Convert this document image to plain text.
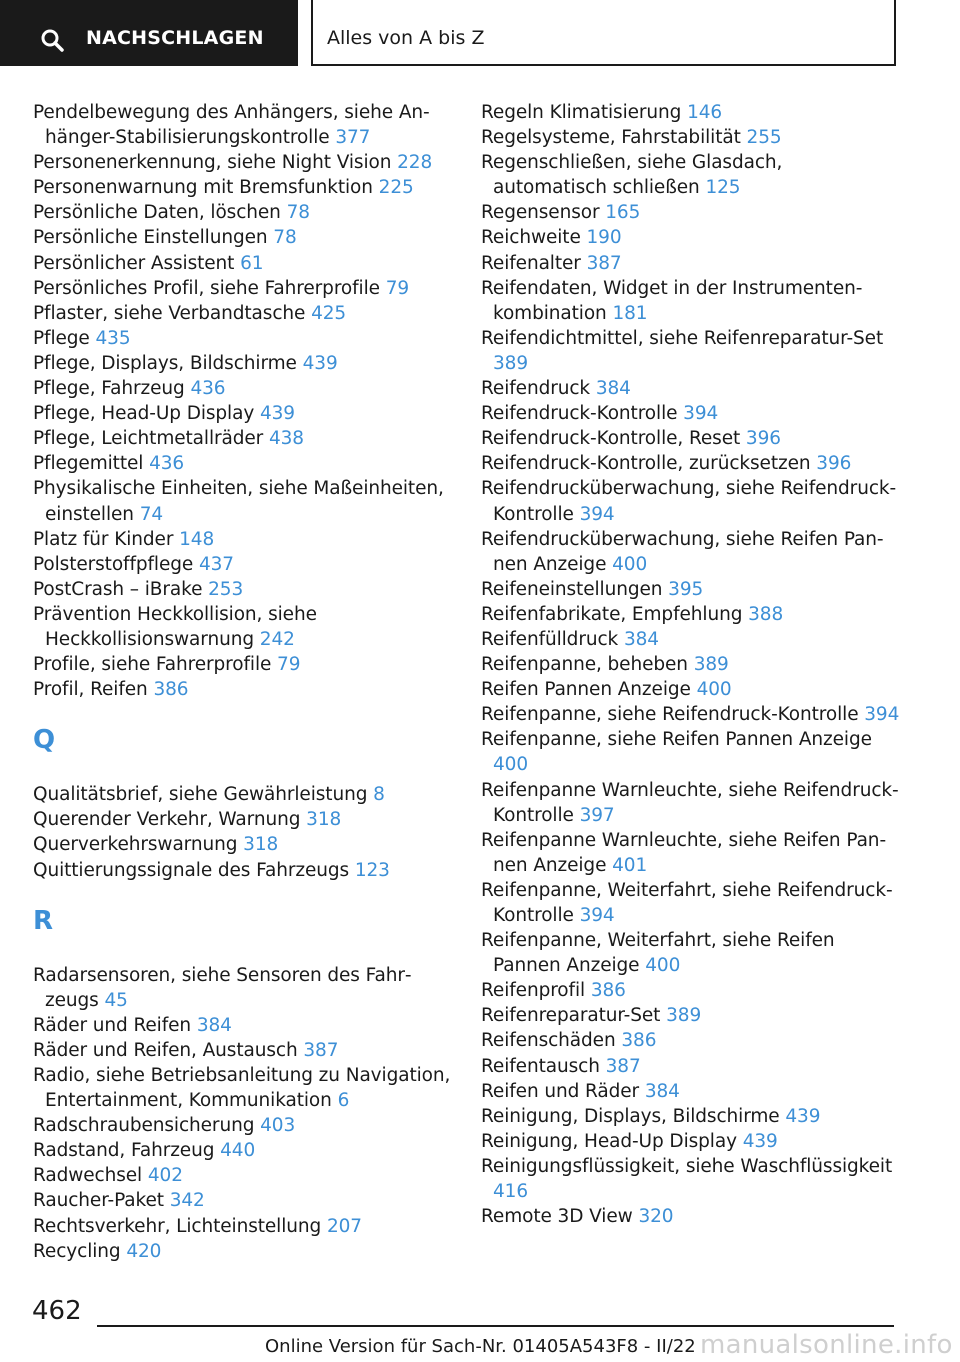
NACHSCHLAGEN	Alles von A bis Z
Pendelbewegung des Anhängers, siehe Anhänger-Stabilisierungskontrolle 377
Personenerkennung, siehe Night Vision 228
Personenwarnung mit Bremsfunktion 225
Persönliche Daten, löschen 78
Persönliche Einstellungen 78
Persönlicher Assistent 61
Persönliches Profil, siehe Fahrerprofile 79
Pflaster, siehe Verbandtasche 425
Pflege 435
Pflege, Displays, Bildschirme 439
Pflege, Fahrzeug 436
Pflege, Head-Up Display 439
Pflege, Leichtmetallräder 438
Pflegemittel 436
Physikalische Einheiten, siehe Maßeinheiten, einstellen 74
Platz für Kinder 148
Polsterstoffpflege 437
PostCrash – iBrake 253
Prävention Heckkollision, siehe Heckkollisionswarnung 242
Profile, siehe Fahrerprofile 79
Profil, Reifen 386
Q
Qualitätsbrief, siehe Gewährleistung 8
Querender Verkehr, Warnung 318
Querverkehrswarnung 318
Quittierungssignale des Fahrzeugs 123
R
Radarsensoren, siehe Sensoren des Fahrzeugs 45
Räder und Reifen 384
Räder und Reifen, Austausch 387
Radio, siehe Betriebsanleitung zu Navigation, Entertainment, Kommunikation 6
Radschraubensicherung 403
Radstand, Fahrzeug 440
Radwechsel 402
Raucher-Paket 342
Rechtsverkehr, Lichteinstellung 207
Recycling 420
Regeln Klimatisierung 146
Regelsysteme, Fahrstabilität 255
Regenschließen, siehe Glasdach, automatisch schließen 125
Regensensor 165
Reichweite 190
Reifenalter 387
Reifendaten, Widget in der Instrumentenkombination 181
Reifendichtmittel, siehe Reifenreparatur-Set 389
Reifendruck 384
Reifendruck-Kontrolle 394
Reifendruck-Kontrolle, Reset 396
Reifendruck-Kontrolle, zurücksetzen 396
Reifendrucküberwachung, siehe Reifendruck-Kontrolle 394
Reifendrucküberwachung, siehe Reifen Pannen Anzeige 400
Reifeneinstellungen 395
Reifenfabrikate, Empfehlung 388
Reifenfülldruck 384
Reifenpanne, beheben 389
Reifen Pannen Anzeige 400
Reifenpanne, siehe Reifendruck-Kontrolle 394
Reifenpanne, siehe Reifen Pannen Anzeige 400
Reifenpanne Warnleuchte, siehe Reifendruck-Kontrolle 397
Reifenpanne Warnleuchte, siehe Reifen Pannen Anzeige 401
Reifenpanne, Weiterfahrt, siehe Reifendruck-Kontrolle 394
Reifenpanne, Weiterfahrt, siehe Reifen Pannen Anzeige 400
Reifenprofil 386
Reifenreparatur-Set 389
Reifenschäden 386
Reifentausch 387
Reifen und Räder 384
Reinigung, Displays, Bildschirme 439
Reinigung, Head-Up Display 439
Reinigungsflüssigkeit, siehe Waschflüssigkeit 416
Remote 3D View 320
462
Online Version für Sach-Nr. 01405A543F8 - II/22 manualsonline.info
